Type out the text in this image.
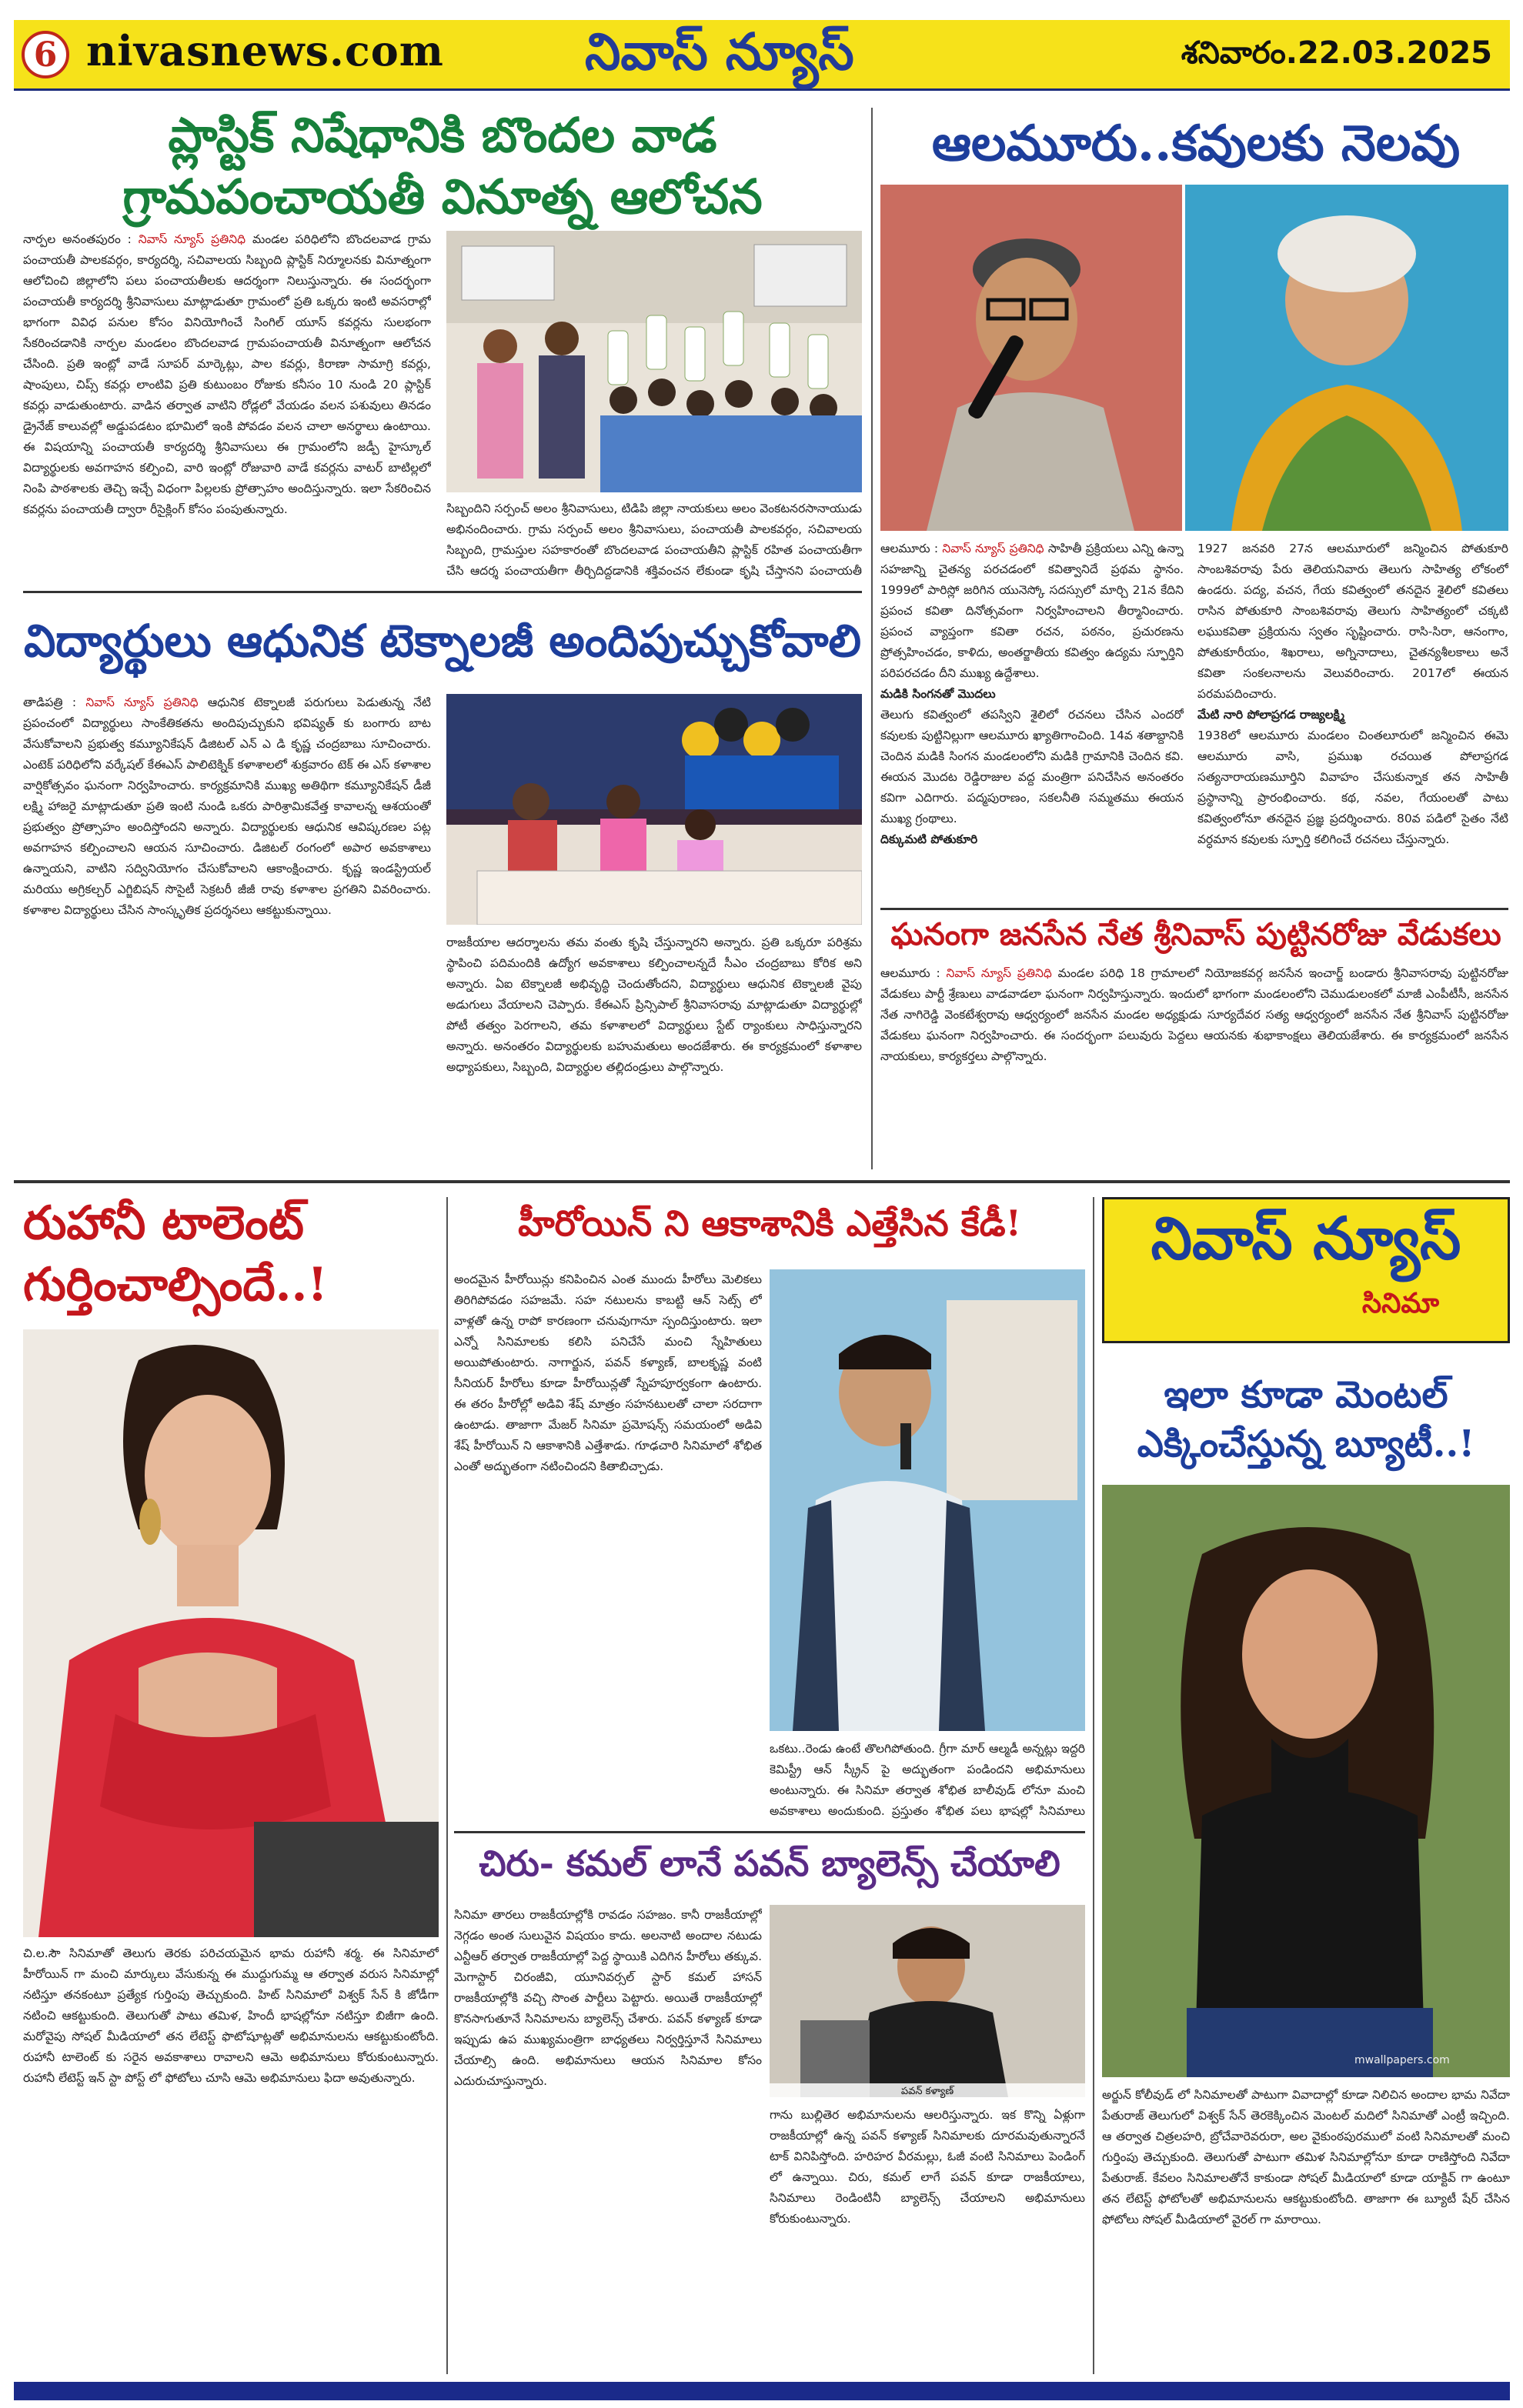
6 nivasnews.com	నివాస్ న్యూస్	శనివారం.22.03.2025
ప్లాస్టిక్ నిషేధానికి బొందల వాడ
గ్రామపంచాయతీ వినూత్న ఆలోచన
నార్పల అనంతపురం : నివాస్ న్యూస్ ప్రతినిధి మండల పరిధిలోని బొందలవాడ గ్రామ పంచాయతీ పాలకవర్గం, కార్యదర్శి, సచివాలయ సిబ్బంది ప్లాస్టిక్ నిర్మూలనకు వినూత్నంగా ఆలోచించి జిల్లాలోని పలు పంచాయతీలకు ఆదర్శంగా నిలుస్తున్నారు. ఈ సందర్భంగా పంచాయతీ కార్యదర్శి శ్రీనివాసులు మాట్లాడుతూ గ్రామంలో ప్రతి ఒక్కరు ఇంటి అవసరాల్లో భాగంగా వివిధ పనుల కోసం వినియోగించే సింగిల్ యూస్ కవర్లను సులభంగా సేకరించడానికి నార్పల మండలం బొందలవాడ గ్రామపంచాయతీ వినూత్నంగా ఆలోచన చేసింది. ప్రతి ఇంట్లో వాడే సూపర్ మార్కెట్లు, పాల కవర్లు, కిరాణా సామాగ్రి కవర్లు, షాంపులు, చిప్స్ కవర్లు లాంటివి ప్రతి కుటుంబం రోజుకు కనీసం 10 నుండి 20 ప్లాస్టిక్ కవర్లు వాడుతుంటారు. వాడిన తర్వాత వాటిని రోడ్లలో వేయడం వలన పశువులు తినడం డ్రైనేజ్ కాలువల్లో అడ్డుపడటం భూమిలో ఇంకి పోవడం వలన చాలా అనర్థాలు ఉంటాయి. ఈ విషయాన్ని పంచాయతీ కార్యదర్శి శ్రీనివాసులు ఈ గ్రామంలోని జడ్పీ హైస్కూల్ విద్యార్థులకు అవగాహన కల్పించి, వారి ఇంట్లో రోజువారి వాడే కవర్లను వాటర్ బాటిల్లలో నింపి పాఠశాలకు తెచ్చి ఇచ్చే విధంగా పిల్లలకు ప్రోత్సాహం అందిస్తున్నారు. ఇలా సేకరించిన కవర్లను పంచాయతీ ద్వారా రీసైక్లింగ్ కోసం పంపుతున్నారు.	సిబ్బందిని సర్పంచ్ అలం శ్రీనివాసులు, టిడిపి జిల్లా నాయకులు అలం వెంకటనరసానాయుడు అభినందించారు. గ్రామ సర్పంచ్ అలం శ్రీనివాసులు, పంచాయతీ పాలకవర్గం, సచివాలయ సిబ్బంది, గ్రామస్తుల సహకారంతో బొందలవాడ పంచాయతీని ప్లాస్టిక్ రహిత పంచాయతీగా చేసి ఆదర్శ పంచాయతీగా తీర్చిదిద్దడానికి శక్తివంచన లేకుండా కృషి చేస్తానని పంచాయతీ
విద్యార్థులు ఆధునిక టెక్నాలజీ అందిపుచ్చుకోవాలి
తాడిపత్రి : నివాస్ న్యూస్ ప్రతినిధి ఆధునిక టెక్నాలజీ పరుగులు పెడుతున్న నేటి ప్రపంచంలో విద్యార్థులు సాంకేతికతను అందిపుచ్చుకుని భవిష్యత్ కు బంగారు బాట వేసుకోవాలని ప్రభుత్వ కమ్యూనికేషన్ డిజిటల్ ఎన్ ఎ డి కృష్ణ చంద్రబాబు సూచించారు. ఎంటెక్ పరిధిలోని వర్కేషల్ కేఈఎస్ పాలిటెక్నిక్ కళాశాలలో శుక్రవారం టెక్ ఈ ఎస్ కళాశాల వార్షికోత్సవం ఘనంగా నిర్వహించారు. కార్యక్రమానికి ముఖ్య అతిథిగా కమ్యూనికేషన్ డీజీ లక్ష్మి హాజరై మాట్లాడుతూ ప్రతి ఇంటి నుండి ఒకరు పారిశ్రామికవేత్త కావాలన్న ఆశయంతో ప్రభుత్వం ప్రోత్సాహం అందిస్తోందని అన్నారు. విద్యార్థులకు ఆధునిక ఆవిష్కరణల పట్ల అవగాహన కల్పించాలని ఆయన సూచించారు. డిజిటల్ రంగంలో అపార అవకాశాలు ఉన్నాయని, వాటిని సద్వినియోగం చేసుకోవాలని ఆకాంక్షించారు. కృష్ణ ఇండస్ట్రియల్ మరియు అగ్రికల్చర్ ఎగ్జిబిషన్ సొసైటీ సెక్రటరీ జీజీ రావు కళాశాల ప్రగతిని వివరించారు. కళాశాల విద్యార్థులు చేసిన సాంస్కృతిక ప్రదర్శనలు ఆకట్టుకున్నాయి.
రాజకీయాల ఆదర్శాలను తమ వంతు కృషి చేస్తున్నారని అన్నారు. ప్రతి ఒక్కరూ పరిశ్రమ స్థాపించి పదిమందికి ఉద్యోగ అవకాశాలు కల్పించాలన్నదే సీఎం చంద్రబాబు కోరిక అని అన్నారు. ఏఐ టెక్నాలజీ అభివృద్ధి చెందుతోందని, విద్యార్థులు ఆధునిక టెక్నాలజీ వైపు అడుగులు వేయాలని చెప్పారు. కేఈఎస్ ప్రిన్సిపాల్ శ్రీనివాసరావు మాట్లాడుతూ విద్యార్థుల్లో పోటీ తత్వం పెరగాలని, తమ కళాశాలలో విద్యార్థులు స్టేట్ ర్యాంకులు సాధిస్తున్నారని అన్నారు. అనంతరం విద్యార్థులకు బహుమతులు అందజేశారు. ఈ కార్యక్రమంలో కళాశాల అధ్యాపకులు, సిబ్బంది, విద్యార్థుల తల్లిదండ్రులు పాల్గొన్నారు.
ఆలమూరు..కవులకు నెలవు
ఆలమూరు : నివాస్ న్యూస్ ప్రతినిధి సాహితీ ప్రక్రియలు ఎన్ని ఉన్నా సహజాన్ని చైతన్య పరచడంలో కవిత్వానిదే ప్రథమ స్థానం. 1999లో పారిస్లో జరిగిన యునెస్కో సదస్సులో మార్చి 21న కేదిని ప్రపంచ కవితా దినోత్సవంగా నిర్వహించాలని తీర్మానించారు. ప్రపంచ వ్యాప్తంగా కవితా రచన, పఠనం, ప్రచురణను ప్రోత్సహించడం, కాళిదు, అంతర్జాతీయ కవిత్వం ఉద్యమ స్ఫూర్తిని పరిపరచడం దీని ముఖ్య ఉద్దేశాలు.
మడికి సింగనతో మొదలు
తెలుగు కవిత్వంలో తపస్విని శైలిలో రచనలు చేసిన ఎందరో కవులకు పుట్టినిల్లుగా ఆలమూరు ఖ్యాతిగాంచింది. 14వ శతాబ్దానికి చెందిన మడికి సింగన మండలంలోని మడికి గ్రామానికి చెందిన కవి. ఈయన మొదట రెడ్డిరాజుల వద్ద మంత్రిగా పనిచేసిన అనంతరం కవిగా ఎదిగారు. పద్మపురాణం, సకలనీతి సమ్మతము ఈయన ముఖ్య గ్రంథాలు.
దిక్కుమటి పోతుకూరి
1927 జనవరి 27న ఆలమూరులో జన్మించిన పోతుకూరి సాంబశివరావు పేరు తెలియనివారు తెలుగు సాహిత్య లోకంలో ఉండరు. పద్య, వచన, గేయ కవిత్వంలో తనదైన శైలిలో కవితలు రాసిన పోతుకూరి సాంబశివరావు తెలుగు సాహిత్యంలో చక్కటి లఘుకవితా ప్రక్రియను స్వతం సృష్టించారు. రాసి-సిరా, ఆనంగాం, పోతుకూరీయం, శిఖరాలు, అగ్నినాదాలు, చైతన్యశీలకాలు అనే కవితా సంకలనాలను వెలువరించారు. 2017లో ఈయన పరమపదించారు.
మేటి నారి పోలాప్రగడ రాజ్యలక్ష్మి
1938లో ఆలమూరు మండలం చింతలూరులో జన్మించిన ఈమె ఆలమూరు వాసి, ప్రముఖ రచయిత పోలాప్రగడ సత్యనారాయణమూర్తిని వివాహం చేసుకున్నాక తన సాహితీ ప్రస్థానాన్ని ప్రారంభించారు. కథ, నవల, గేయంలతో పాటు కవిత్వంలోనూ తనదైన ప్రజ్ఞ ప్రదర్శించారు. 80వ పడిలో సైతం నేటి వర్ధమాన కవులకు స్ఫూర్తి కలిగించే రచనలు చేస్తున్నారు.
ఘనంగా జనసేన నేత శ్రీనివాస్ పుట్టినరోజు వేడుకలు
ఆలమూరు : నివాస్ న్యూస్ ప్రతినిధి మండల పరిధి 18 గ్రామాలలో నియోజకవర్గ జనసేన ఇంచార్జ్ బండారు శ్రీనివాసరావు పుట్టినరోజు వేడుకలు పార్టీ శ్రేణులు వాడవాడలా ఘనంగా నిర్వహిస్తున్నారు. ఇందులో భాగంగా మండలంలోని చెముడులంకలో మాజీ ఎంపీటీసీ, జనసేన నేత నాగిరెడ్డి వెంకటేశ్వరావు ఆధ్వర్యంలో జనసేన మండల అధ్యక్షుడు సూర్యదేవర సత్య ఆధ్వర్యంలో జనసేన నేత శ్రీనివాస్ పుట్టినరోజు వేడుకలు ఘనంగా నిర్వహించారు. ఈ సందర్భంగా పలువురు పెద్దలు ఆయనకు శుభాకాంక్షలు తెలియజేశారు. ఈ కార్యక్రమంలో జనసేన నాయకులు, కార్యకర్తలు పాల్గొన్నారు.
రుహానీ టాలెంట్
గుర్తించాల్సిందే..!
చి.ల.సౌ సినిమాతో తెలుగు తెరకు పరిచయమైన భామ రుహానీ శర్మ. ఈ సినిమాలో హీరోయిన్ గా మంచి మార్కులు వేసుకున్న ఈ ముద్దుగుమ్మ ఆ తర్వాత వరుస సినిమాల్లో నటిస్తూ తనకంటూ ప్రత్యేక గుర్తింపు తెచ్చుకుంది. హిట్ సినిమాలో విశ్వక్ సేన్ కి జోడీగా నటించి ఆకట్టుకుంది. తెలుగుతో పాటు తమిళ, హిందీ భాషల్లోనూ నటిస్తూ బిజీగా ఉంది. మరోవైపు సోషల్ మీడియాలో తన లేటెస్ట్ ఫొటోషూట్లతో అభిమానులను ఆకట్టుకుంటోంది. రుహానీ టాలెంట్ కు సరైన అవకాశాలు రావాలని ఆమె అభిమానులు కోరుకుంటున్నారు. రుహానీ లేటెస్ట్ ఇన్ స్టా పోస్ట్ లో ఫోటోలు చూసి ఆమె అభిమానులు ఫిదా అవుతున్నారు.
హీరోయిన్ ని ఆకాశానికి ఎత్తేసిన కేడీ!
అందమైన హీరోయిన్లు కనిపించిన ఎంత ముందు హీరోలు మెలికలు తిరిగిపోవడం సహజమే. సహ నటులను కాబట్టి ఆన్ సెట్స్ లో వాళ్లతో ఉన్న రాపో కారణంగా చనువుగానూ స్పందిస్తుంటారు. ఇలా ఎన్నో సినిమాలకు కలిసి పనిచేసే మంచి స్నేహితులు అయిపోతుంటారు. నాగార్జున, పవన్ కళ్యాణ్, బాలకృష్ణ వంటి సీనియర్ హీరోలు కూడా హీరోయిన్లతో స్నేహపూర్వకంగా ఉంటారు. ఈ తరం హీరోల్లో అడివి శేష్ మాత్రం సహనటులతో చాలా సరదాగా ఉంటాడు. తాజాగా మేజర్ సినిమా ప్రమోషన్స్ సమయంలో అడివి శేష్ హీరోయిన్ ని ఆకాశానికి ఎత్తేశాడు. గూఢచారి సినిమాలో శోభిత ఎంతో అద్భుతంగా నటించిందని కితాబిచ్చాడు.
ఒకటు..రెండు ఉంటే తొలగిపోతుంది. గ్రీగా మార్ ఆల్మడీ అన్నట్లు ఇద్దరి కెమిస్ట్రీ ఆన్ స్క్రీన్ పై అద్భుతంగా పండిందని అభిమానులు అంటున్నారు. ఈ సినిమా తర్వాత శోభిత బాలీవుడ్ లోనూ మంచి అవకాశాలు అందుకుంది. ప్రస్తుతం శోభిత పలు భాషల్లో సినిమాలు
చిరు- కమల్ లానే పవన్ బ్యాలెన్స్ చేయాలి
సినిమా తారలు రాజకీయాల్లోకి రావడం సహజం. కానీ రాజకీయాల్లో నెగ్గడం అంత సులువైన విషయం కాదు. అలనాటి అందాల నటుడు ఎన్టీఆర్ తర్వాత రాజకీయాల్లో పెద్ద స్థాయికి ఎదిగిన హీరోలు తక్కువ. మెగాస్టార్ చిరంజీవి, యూనివర్సల్ స్టార్ కమల్ హాసన్ రాజకీయాల్లోకి వచ్చి సొంత పార్టీలు పెట్టారు. అయితే రాజకీయాల్లో కొనసాగుతూనే సినిమాలను బ్యాలెన్స్ చేశారు. పవన్ కళ్యాణ్ కూడా ఇప్పుడు ఉప ముఖ్యమంత్రిగా బాధ్యతలు నిర్వర్తిస్తూనే సినిమాలు చేయాల్సి ఉంది. అభిమానులు ఆయన సినిమాల కోసం ఎదురుచూస్తున్నారు.
పవన్ కళ్యాణ్
గాను బుల్లితెర అభిమానులను ఆలరిస్తున్నారు. ఇక కొన్ని ఏళ్లుగా రాజకీయాల్లో ఉన్న పవన్ కళ్యాణ్ సినిమాలకు దూరమవుతున్నారనే టాక్ వినిపిస్తోంది. హరిహర వీరమల్లు, ఓజీ వంటి సినిమాలు పెండింగ్ లో ఉన్నాయి. చిరు, కమల్ లాగే పవన్ కూడా రాజకీయాలు, సినిమాలు రెండింటినీ బ్యాలెన్స్ చేయాలని అభిమానులు కోరుకుంటున్నారు.
నివాస్ న్యూస్
సినిమా
ఇలా కూడా మెంటల్
ఎక్కించేస్తున్న బ్యూటీ..!
mwallpapers.com
అర్జున్ కోలీవుడ్ లో సినిమాలతో పాటుగా వివాదాల్లో కూడా నిలిచిన అందాల భామ నివేదా పేతురాజ్ తెలుగులో విశ్వక్ సేన్ తెరకెక్కించిన మెంటల్ మదిలో సినిమాతో ఎంట్రీ ఇచ్చింది. ఆ తర్వాత చిత్రలహరి, బ్రోచేవారెవరురా, అల వైకుంఠపురములో వంటి సినిమాలతో మంచి గుర్తింపు తెచ్చుకుంది. తెలుగుతో పాటుగా తమిళ సినిమాల్లోనూ కూడా రాణిస్తోంది నివేదా పేతురాజ్. కేవలం సినిమాలతోనే కాకుండా సోషల్ మీడియాలో కూడా యాక్టివ్ గా ఉంటూ తన లేటెస్ట్ ఫోటోలతో అభిమానులను ఆకట్టుకుంటోంది. తాజాగా ఈ బ్యూటీ షేర్ చేసిన ఫోటోలు సోషల్ మీడియాలో వైరల్ గా మారాయి.
